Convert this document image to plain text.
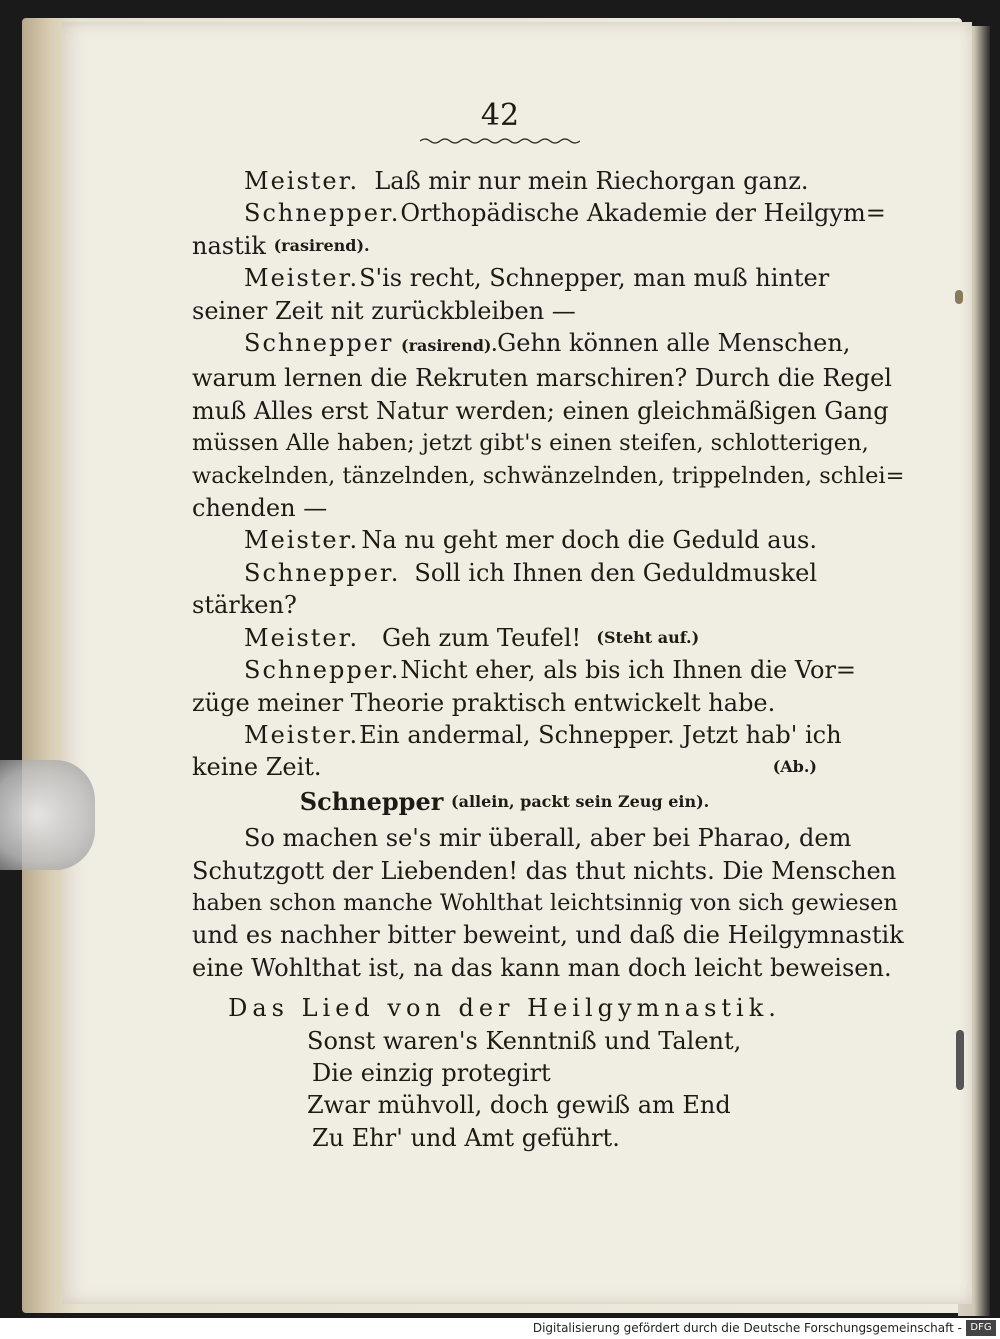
42
Meister.
Laß mir nur mein Riechorgan ganz.
Schnepper. Orthopädische Akademie der Heilgym=
nastik
(rasirend).
Meister. S'is recht, Schnepper, man muß hinter
seiner Zeit nit zurückbleiben —
Schnepper (rasirend). Gehn können alle Menschen,
warum lernen die Rekruten marschiren? Durch die Regel
muß Alles erst Natur werden; einen gleichmäßigen Gang
müssen Alle haben; jetzt gibt's einen steifen, schlotterigen,
wackelnden, tänzelnden, schwänzelnden, trippelnden, schlei=
chenden —
Meister. Na nu geht mer doch die Geduld aus.
Schnepper. Soll ich Ihnen den Geduldmuskel
stärken?
Meister.
Geh zum Teufel!
(Steht auf.)
Schnepper. Nicht eher, als bis ich Ihnen die Vor=
züge meiner Theorie praktisch entwickelt habe.
Meister. Ein andermal, Schnepper. Jetzt hab' ich
keine Zeit.	(Ab.)
Schnepper
(allein, packt sein Zeug ein).
So machen se's mir überall, aber bei Pharao, dem
Schutzgott der Liebenden! das thut nichts. Die Menschen
haben schon manche Wohlthat leichtsinnig von sich gewiesen
und es nachher bitter beweint, und daß die Heilgymnastik
eine Wohlthat ist, na das kann man doch leicht beweisen.
Das Lied von der Heilgymnastik.
Sonst waren's Kenntniß und Talent,
Die einzig protegirt
Zwar mühvoll, doch gewiß am End
Zu Ehr' und Amt geführt.
Digitalisierung gefördert durch die Deutsche Forschungsgemeinschaft - DFG
